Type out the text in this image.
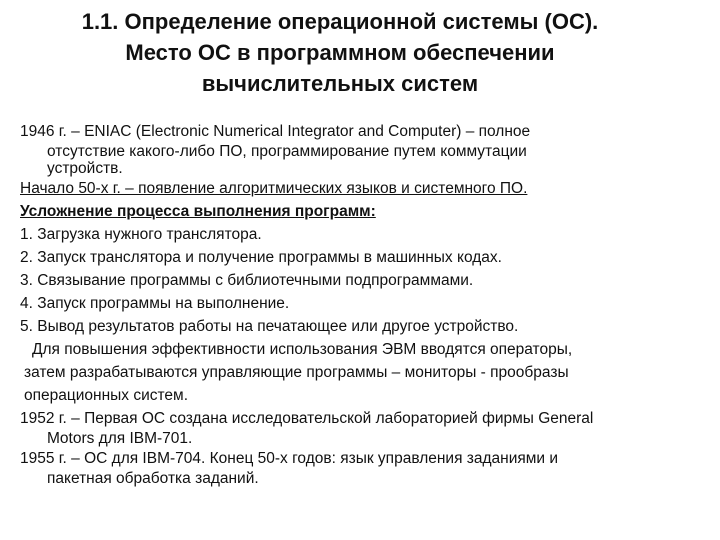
1.1. Определение операционной системы (ОС).
Место ОС в программном обеспечении
вычислительных систем

1946 г. – ENIAC (Electronic Numerical Integrator and Computer) – полное

отсутствие какого-либо ПО, программирование путем коммутации

устройств.

Начало 50-х г. – появление алгоритмических языков и системного ПО.

Усложнение процесса выполнения программ:

1. Загрузка нужного транслятора.

2. Запуск транслятора и получение программы в машинных кодах.

3. Связывание программы с библиотечными подпрограммами.

4. Запуск программы на выполнение.

5. Вывод результатов работы на печатающее или другое устройство.

Для повышения эффективности использования ЭВМ вводятся операторы,

затем разрабатываются управляющие программы – мониторы - прообразы

операционных систем.

1952 г. – Первая ОС создана исследовательской лабораторией фирмы General

Motors для IBM-701.

1955 г. – ОС для IBM-704. Конец 50-х годов: язык управления заданиями и

пакетная обработка заданий.
